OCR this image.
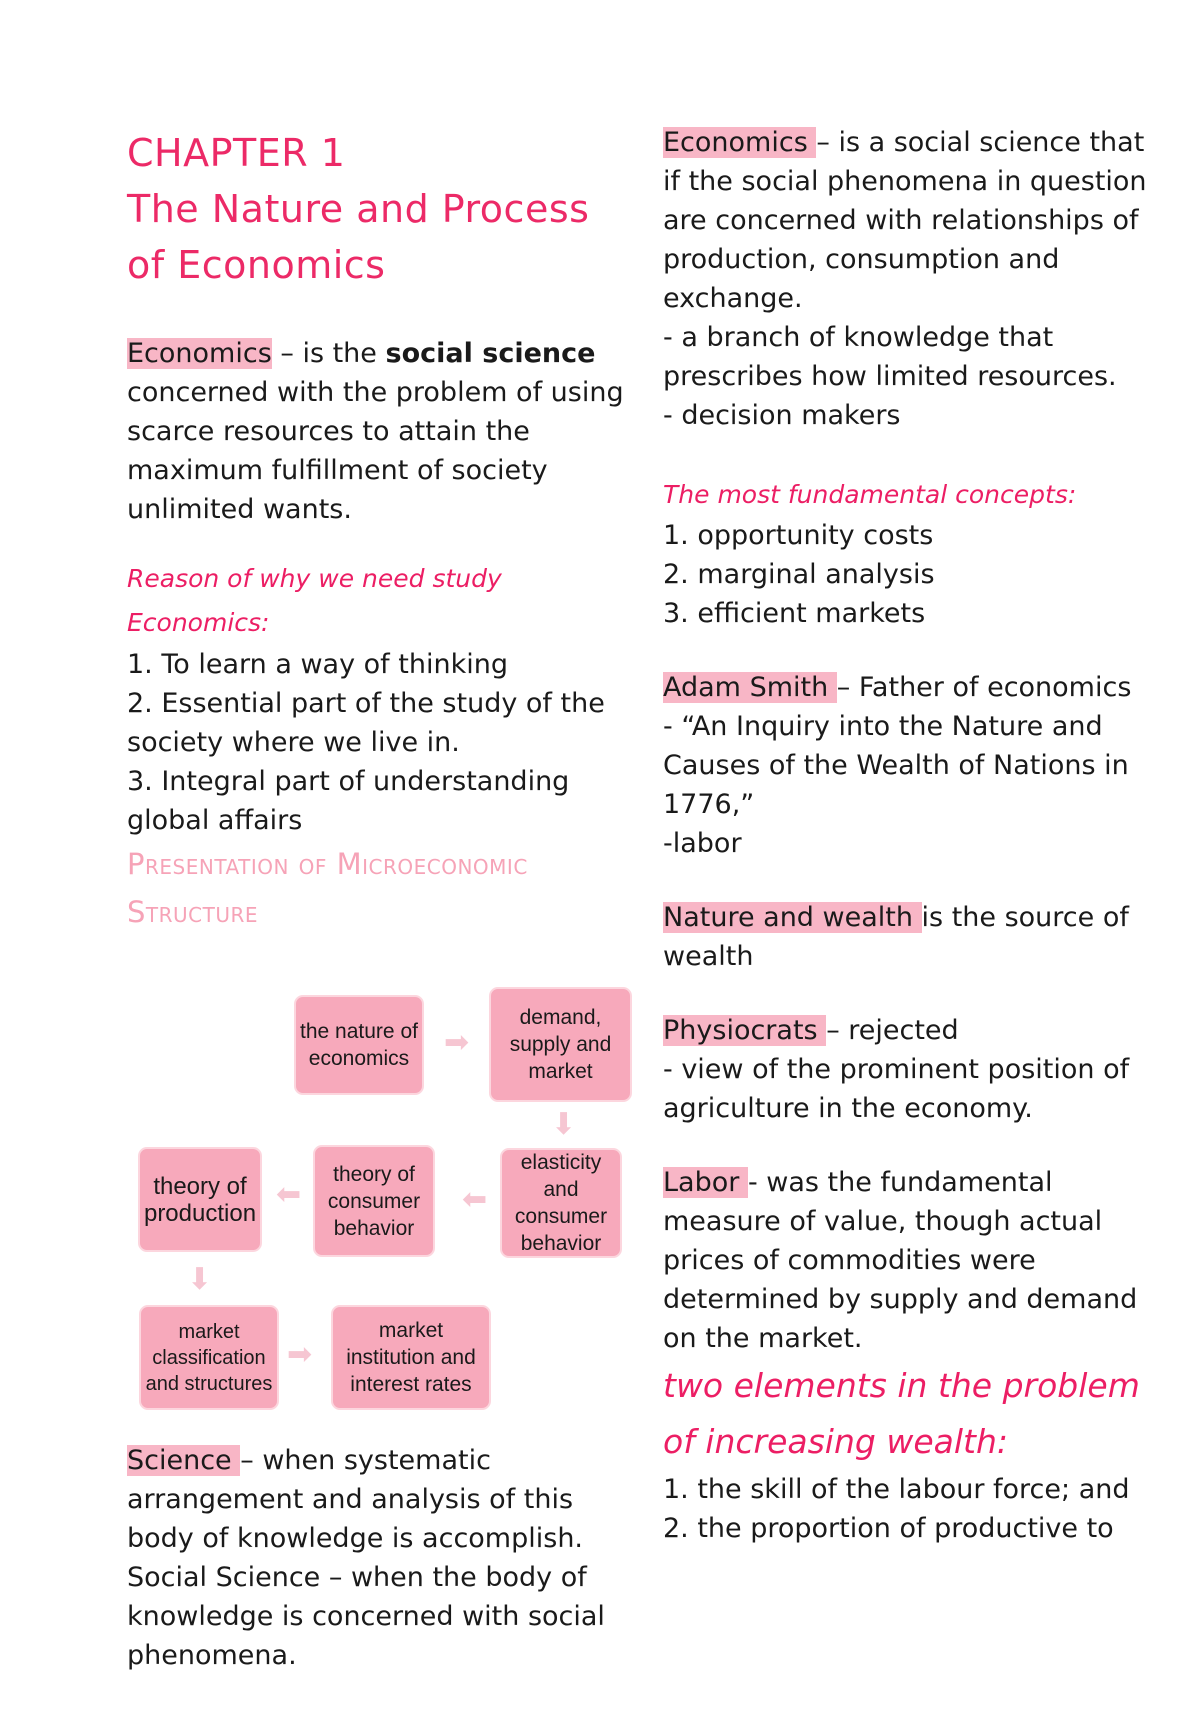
CHAPTER 1

The Nature and Process

of Economics

Economics – is the social science concerned with the problem of using scarce resources to attain the maximum fulfillment of society unlimited wants.

Reason of why we need study Economics:

1. To learn a way of thinking

2. Essential part of the study of the society where we live in.

3. Integral part of understanding global affairs

Presentation of Microeconomic Structure

the nature of economics	➡
demand, supply and market
⬇
elasticity and consumer behavior
⬅
theory of consumer behavior
⬅
theory of production
⬇
market classification and structures
➡
market institution and interest rates

Science – when systematic arrangement and analysis of this body of knowledge is accomplish.

Social Science – when the body of knowledge is concerned with social phenomena.

Economics – is a social science that if the social phenomena in question are concerned with relationships of production, consumption and exchange.

- a branch of knowledge that prescribes how limited resources.

- decision makers

The most fundamental concepts:

1. opportunity costs

2. marginal analysis

3. efficient markets

Adam Smith – Father of economics

- “An Inquiry into the Nature and Causes of the Wealth of Nations in 1776,”

-labor

Nature and wealth is the source of wealth

Physiocrats – rejected

- view of the prominent position of agriculture in the economy.

Labor - was the fundamental measure of value, though actual prices of commodities were determined by supply and demand on the market.

two elements in the problem of increasing wealth:

1. the skill of the labour force; and

2. the proportion of productive to
